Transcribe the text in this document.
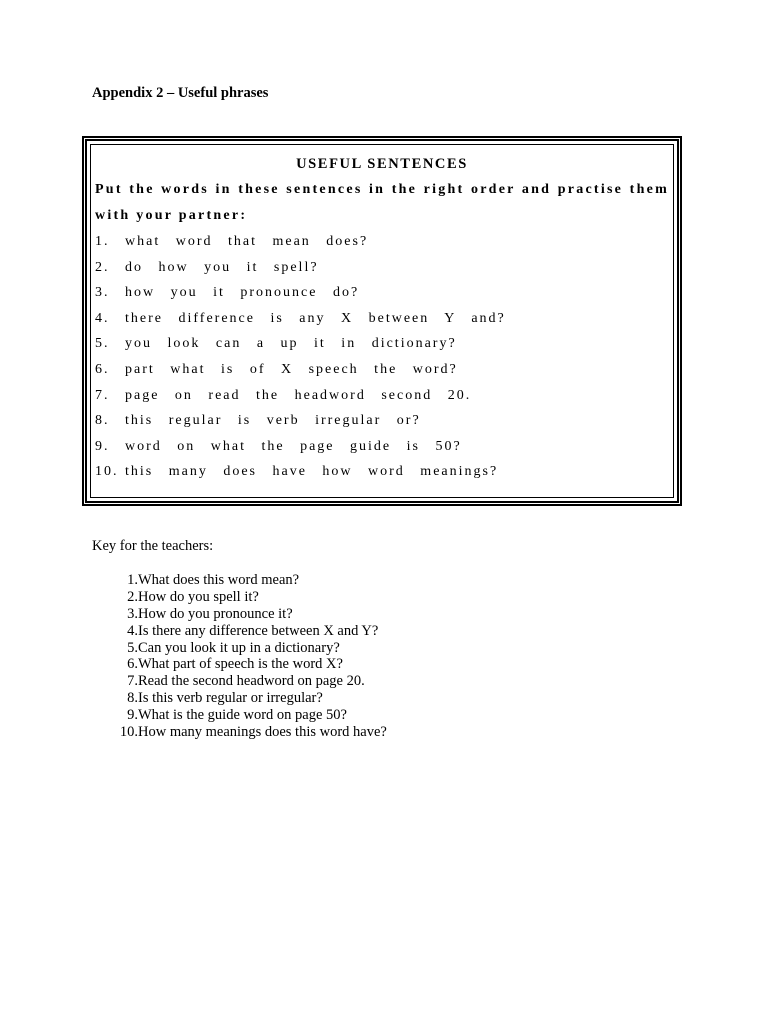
Appendix 2 – Useful phrases
USEFUL SENTENCES
Put the words in these sentences in the right order and practise them
with your partner:
1.	what word that mean does?
2.	do how you it spell?
3.	how you it pronounce do?
4.	there difference is any X between Y and?
5.	you look can a up it in dictionary?
6.	part what is of X speech the word?
7.	page on read the headword second 20.
8.	this regular is verb irregular or?
9.	word on what the page guide is 50?
10. this many does have how word meanings?
Key for the teachers:
1. What does this word mean?
2. How do you spell it?
3. How do you pronounce it?
4. Is there any difference between X and Y?
5. Can you look it up in a dictionary?
6. What part of speech is the word X?
7. Read the second headword on page 20.
8. Is this verb regular or irregular?
9. What is the guide word on page 50?
10. How many meanings does this word have?
